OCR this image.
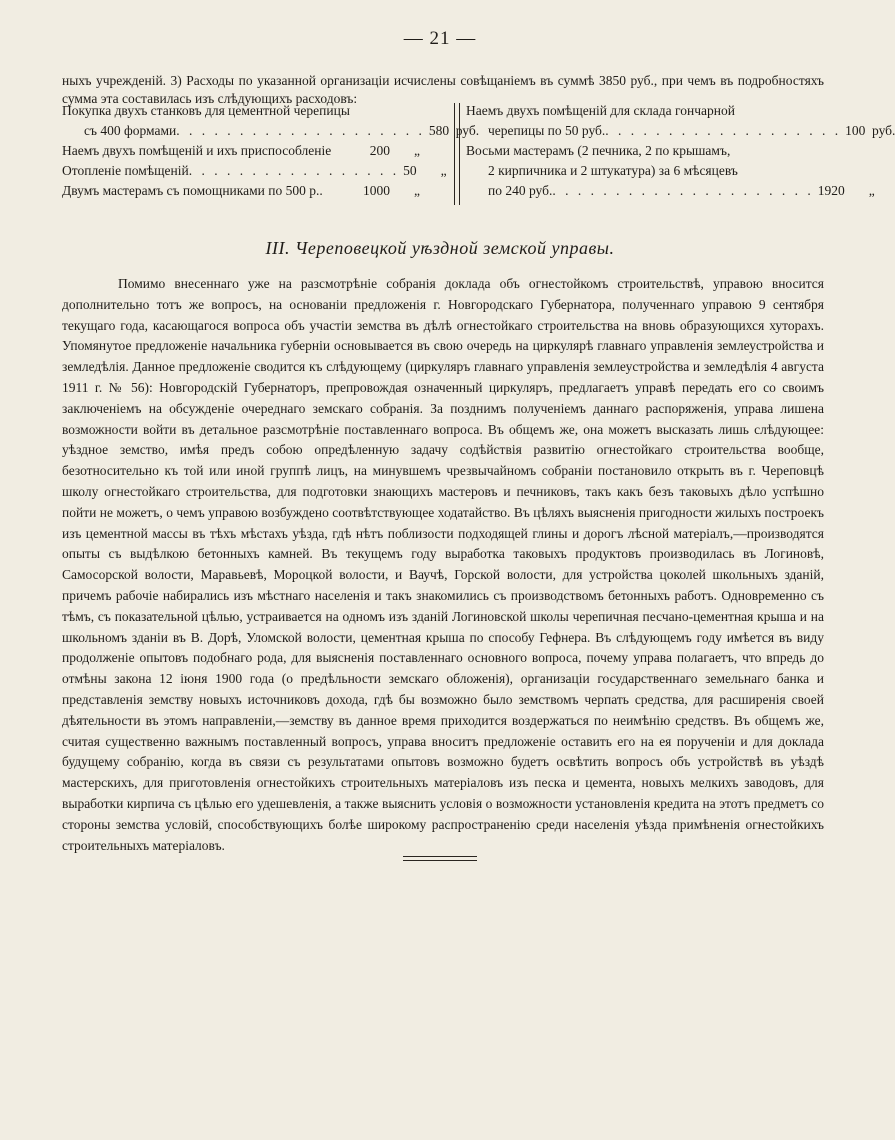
— 21 —

ныхъ учрежденій. 3) Расходы по указанной организаціи исчислены совѣщаніемъ въ суммѣ 3850 руб., при чемъ въ подробностяхъ сумма эта составилась изъ слѣдующихъ расходовъ:

Покупка двухъ станковъ для цементной черепицы
съ 400 формами . . . . . . . . . . . . . . . . . . . . 580 руб.
Наемъ двухъ помѣщеній и ихъ приспособленіе	200	„
Отопленіе помѣщеній . . . . . . . . . . . . . . . . . 50	„
Двумъ мастерамъ съ помощниками по 500 р. .	1000	„
Наемъ двухъ помѣщеній для склада гончарной
черепицы по 50 руб. . . . . . . . . . . . . . . . . . . . 100 руб.
Восьми мастерамъ (2 печника, 2 по крышамъ,
2 кирпичника и 2 штукатура) за 6 мѣсяцевъ
по 240 руб. . . . . . . . . . . . . . . . . . . . . . 1920	„
III. Череповецкой уѣздной земской управы.

Помимо внесеннаго уже на разсмотрѣніе собранія доклада объ огнестойкомъ строительствѣ, управою вносится дополнительно тотъ же вопросъ, на основаніи предложенія г. Новгородскаго Губернатора, полученнаго управою 9 сентября текущаго года, касающагося вопроса объ участіи земства въ дѣлѣ огнестойкаго строительства на вновь образующихся хуторахъ. Упомянутое предложеніе начальника губерніи основывается въ свою очередь на циркулярѣ главнаго управленія землеустройства и земледѣлія. Данное предложеніе сводится къ слѣдующему (циркуляръ главнаго управленія землеустройства и земледѣлія 4 августа 1911 г. № 56): Новгородскій Губернаторъ, препровождая означенный циркуляръ, предлагаетъ управѣ передать его со своимъ заключеніемъ на обсужденіе очереднаго земскаго собранія. За позднимъ полученіемъ даннаго распоряженія, управа лишена возможности войти въ детальное разсмотрѣніе поставленнаго вопроса. Въ общемъ же, она можетъ высказать лишь слѣдующее: уѣздное земство, имѣя предъ собою опредѣленную задачу содѣйствія развитію огнестойкаго строительства вообще, безотносительно къ той или иной группѣ лицъ, на минувшемъ чрезвычайномъ собраніи постановило открыть въ г. Череповцѣ школу огнестойкаго строительства, для подготовки знающихъ мастеровъ и печниковъ, такъ какъ безъ таковыхъ дѣло успѣшно пойти не можетъ, о чемъ управою возбуждено соотвѣтствующее ходатайство. Въ цѣляхъ выясненія пригодности жилыхъ построекъ изъ цементной массы въ тѣхъ мѣстахъ уѣзда, гдѣ нѣтъ поблизости подходящей глины и дорогъ лѣсной матеріалъ,—производятся опыты съ выдѣлкою бетонныхъ камней. Въ текущемъ году выработка таковыхъ продуктовъ производилась въ Логиновѣ, Самосорской волости, Маравьевѣ, Мороцкой волости, и Ваучѣ, Горской волости, для устройства цоколей школьныхъ зданій, причемъ рабочіе набирались изъ мѣстнаго населенія и такъ знакомились съ производствомъ бетонныхъ работъ. Одновременно съ тѣмъ, съ показательной цѣлью, устраивается на одномъ изъ зданій Логиновской школы черепичная песчано-цементная крыша и на школьномъ зданіи въ В. Дорѣ, Уломской волости, цементная крыша по способу Гефнера. Въ слѣдующемъ году имѣется въ виду продолженіе опытовъ подобнаго рода, для выясненія поставленнаго основного вопроса, почему управа полагаетъ, что впредь до отмѣны закона 12 іюня 1900 года (о предѣльности земскаго обложенія), организаціи государственнаго земельнаго банка и представленія земству новыхъ источниковъ дохода, гдѣ бы возможно было земствомъ черпать средства, для расширенія своей дѣятельности въ этомъ направленіи,—земству въ данное время приходится воздержаться по неимѣнію средствъ. Въ общемъ же, считая существенно важнымъ поставленный вопросъ, управа вноситъ предложеніе оставить его на ея порученіи и для доклада будущему собранію, когда въ связи съ результатами опытовъ возможно будетъ освѣтить вопросъ объ устройствѣ въ уѣздѣ мастерскихъ, для приготовленія огнестойкихъ строительныхъ матеріаловъ изъ песка и цемента, новыхъ мелкихъ заводовъ, для выработки кирпича съ цѣлью его удешевленія, а также выяснить условія о возможности установленія кредита на этотъ предметъ со стороны земства условій, способствующихъ болѣе широкому распространенію среди населенія уѣзда примѣненія огнестойкихъ строительныхъ матеріаловъ.
